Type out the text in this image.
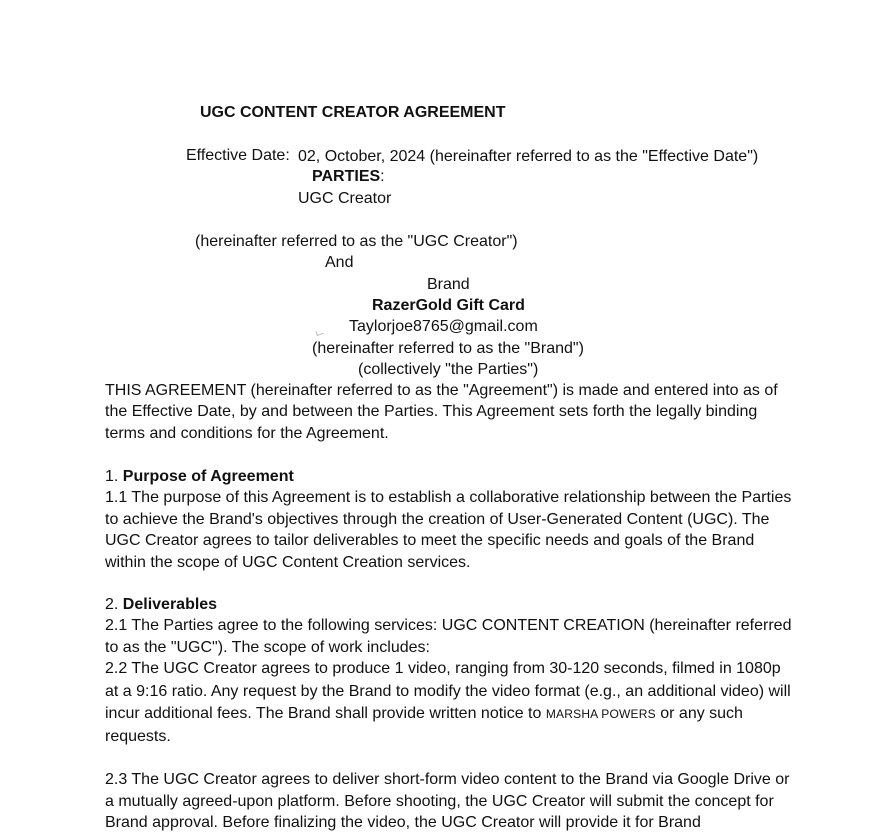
UGC CONTENT CREATOR AGREEMENT
Effective Date: 02, October, 2024 (hereinafter referred to as the "Effective Date")
PARTIES:
UGC Creator
(hereinafter referred to as the "UGC Creator")
And
Brand
RazerGold Gift Card
Taylorjoe8765@gmail.com
(hereinafter referred to as the "Brand")
(collectively "the Parties")

THIS AGREEMENT (hereinafter referred to as the "Agreement") is made and entered into as of the Effective Date, by and between the Parties. This Agreement sets forth the legally binding terms and conditions for the Agreement.

1. Purpose of Agreement

1.1 The purpose of this Agreement is to establish a collaborative relationship between the Parties to achieve the Brand's objectives through the creation of User-Generated Content (UGC). The UGC Creator agrees to tailor deliverables to meet the specific needs and goals of the Brand within the scope of UGC Content Creation services.

2. Deliverables

2.1 The Parties agree to the following services: UGC CONTENT CREATION (hereinafter referred to as the "UGC"). The scope of work includes:

2.2 The UGC Creator agrees to produce 1 video, ranging from 30-120 seconds, filmed in 1080p at a 9:16 ratio. Any request by the Brand to modify the video format (e.g., an additional video) will incur additional fees. The Brand shall provide written notice to MARSHA POWERS or any such requests.

2.3 The UGC Creator agrees to deliver short-form video content to the Brand via Google Drive or a mutually agreed-upon platform. Before shooting, the UGC Creator will submit the concept for Brand approval. Before finalizing the video, the UGC Creator will provide it for Brand
